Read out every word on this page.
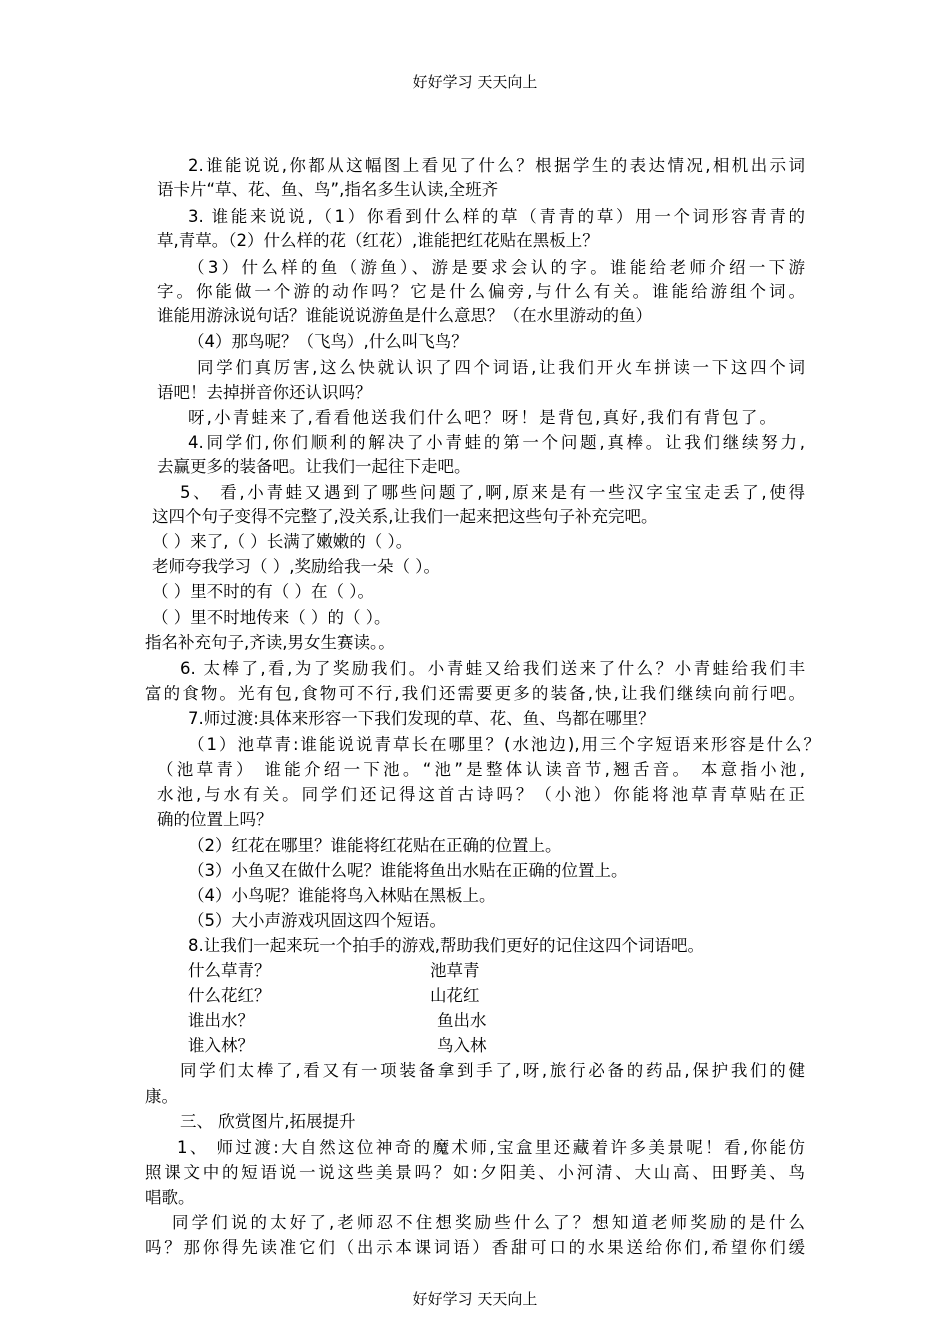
好好学习 天天向上
2.谁能说说,你都从这幅图上看见了什么？根据学生的表达情况,相机出示词
语卡片“草、花、鱼、鸟”,指名多生认读,全班齐
3. 谁能来说说,（1）你看到什么样的草（青青的草）用一个词形容青青的
草,青草。（2）什么样的花（红花）,谁能把红花贴在黑板上？
（3）什么样的鱼（游鱼）、游是要求会认的字。谁能给老师介绍一下游
字。你能做一个游的动作吗？它是什么偏旁,与什么有关。谁能给游组个词。
谁能用游泳说句话？谁能说说游鱼是什么意思？（在水里游动的鱼）
（4）那鸟呢？（飞鸟）,什么叫飞鸟？
同学们真厉害,这么快就认识了四个词语,让我们开火车拼读一下这四个词
语吧！去掉拼音你还认识吗？
呀,小青蛙来了,看看他送我们什么吧？呀！是背包,真好,我们有背包了。
4.同学们,你们顺利的解决了小青蛙的第一个问题,真棒。让我们继续努力,
去赢更多的装备吧。让我们一起往下走吧。
5、 看,小青蛙又遇到了哪些问题了,啊,原来是有一些汉字宝宝走丢了,使得
这四个句子变得不完整了,没关系,让我们一起来把这些句子补充完吧。
（ ）来了,（ ）长满了嫩嫩的（ ）。
老师夸我学习（ ）,奖励给我一朵（ ）。
（ ）里不时的有（ ）在（ ）。
（ ）里不时地传来（ ）的（ ）。
指名补充句子,齐读,男女生赛读。。
6. 太棒了,看,为了奖励我们。小青蛙又给我们送来了什么？小青蛙给我们丰
富的食物。光有包,食物可不行,我们还需要更多的装备,快,让我们继续向前行吧。
7.师过渡:具体来形容一下我们发现的草、花、鱼、鸟都在哪里？
（1）池草青:谁能说说青草长在哪里？(水池边),用三个字短语来形容是什么？
（池草青） 谁能介绍一下池。“池”是整体认读音节,翘舌音。 本意指小池,
水池,与水有关。同学们还记得这首古诗吗？（小池）你能将池草青草贴在正
确的位置上吗？
（2）红花在哪里？谁能将红花贴在正确的位置上。
（3）小鱼又在做什么呢？谁能将鱼出水贴在正确的位置上。
（4）小鸟呢？谁能将鸟入林贴在黑板上。
（5）大小声游戏巩固这四个短语。
8.让我们一起来玩一个拍手的游戏,帮助我们更好的记住这四个词语吧。
什么草青？	池草青
什么花红？	山花红
谁出水？	鱼出水
谁入林？	鸟入林
同学们太棒了,看又有一项装备拿到手了,呀,旅行必备的药品,保护我们的健
康。
三、 欣赏图片,拓展提升
1、 师过渡:大自然这位神奇的魔术师,宝盒里还藏着许多美景呢！看,你能仿
照课文中的短语说一说这些美景吗？如:夕阳美、小河清、大山高、田野美、鸟
唱歌。
同学们说的太好了,老师忍不住想奖励些什么了？想知道老师奖励的是什么
吗？那你得先读准它们（出示本课词语）香甜可口的水果送给你们,希望你们缓
好好学习 天天向上
